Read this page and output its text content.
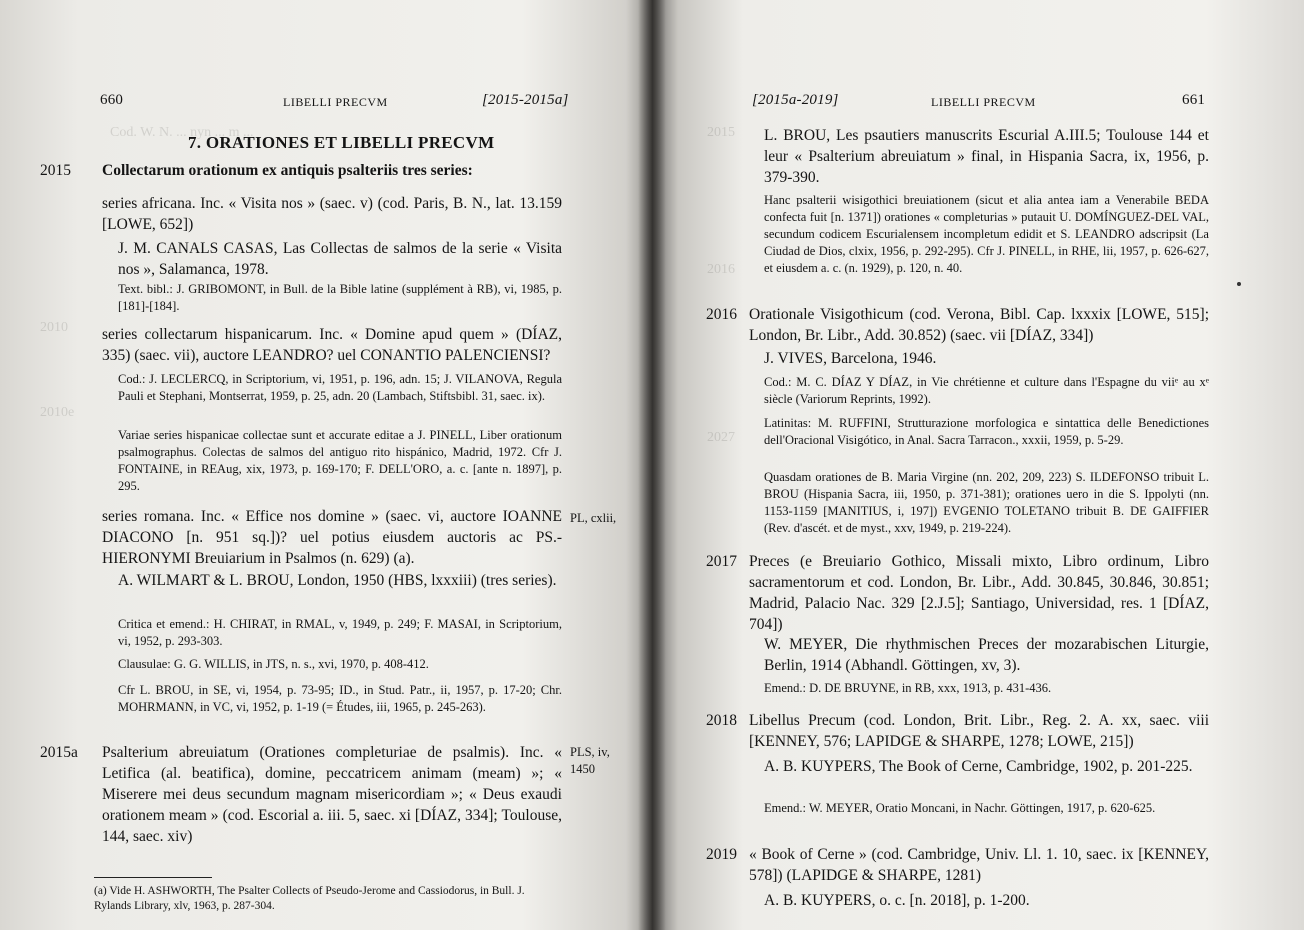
Cod. W. N. ... nyn ... m ...
2010
2010e
660	LIBELLI PRECVM	[2015-2015a]
7. ORATIONES ET LIBELLI PRECVM
2015 Collectarum orationum ex antiquis psalteriis tres series:
series africana. Inc. « Visita nos » (saec. v) (cod. Paris, B. N., lat. 13.159 [LOWE, 652])
J. M. CANALS CASAS, Las Collectas de salmos de la serie « Visita nos », Salamanca, 1978.
Text. bibl.: J. GRIBOMONT, in Bull. de la Bible latine (supplément à RB), vi, 1985, p. [181]-[184].
series collectarum hispanicarum. Inc. « Domine apud quem » (DÍAZ, 335) (saec. vii), auctore LEANDRO? uel CONANTIO PALENCIENSI?
Cod.: J. LECLERCQ, in Scriptorium, vi, 1951, p. 196, adn. 15; J. VILANOVA, Regula Pauli et Stephani, Montserrat, 1959, p. 25, adn. 20 (Lambach, Stiftsbibl. 31, saec. ix).
Variae series hispanicae collectae sunt et accurate editae a J. PINELL, Liber orationum psalmographus. Colectas de salmos del antiguo rito hispánico, Madrid, 1972. Cfr J. FONTAINE, in REAug, xix, 1973, p. 169-170; F. DELL'ORO, a. c. [ante n. 1897], p. 295.
series romana. Inc. « Effice nos domine » (saec. vi, auctore IOANNE DIACONO [n. 951 sq.])? uel potius eiusdem auctoris ac PS.-HIERONYMI Breuiarium in Psalmos (n. 629) (a).
PL, cxlii,
A. WILMART & L. BROU, London, 1950 (HBS, lxxxiii) (tres series).
Critica et emend.: H. CHIRAT, in RMAL, v, 1949, p. 249; F. MASAI, in Scriptorium, vi, 1952, p. 293-303.
Clausulae: G. G. WILLIS, in JTS, n. s., xvi, 1970, p. 408-412.
Cfr L. BROU, in SE, vi, 1954, p. 73-95; ID., in Stud. Patr., ii, 1957, p. 17-20; Chr. MOHRMANN, in VC, vi, 1952, p. 1-19 (= Études, iii, 1965, p. 245-263).
2015a Psalterium abreuiatum (Orationes completuriae de psalmis). Inc. « Letifica (al. beatifica), domine, peccatricem animam (meam) »; « Miserere mei deus secundum magnam misericordiam »; « Deus exaudi orationem meam » (cod. Escorial a. iii. 5, saec. xi [DÍAZ, 334]; Toulouse, 144, saec. xiv)
PLS, iv, 1450
(a) Vide H. ASHWORTH, The Psalter Collects of Pseudo-Jerome and Cassiodorus, in Bull. J. Rylands Library, xlv, 1963, p. 287-304.
2015
2016
2027
[2015a-2019]	LIBELLI PRECVM	661
L. BROU, Les psautiers manuscrits Escurial A.III.5; Toulouse 144 et leur « Psalterium abreuiatum » final, in Hispania Sacra, ix, 1956, p. 379-390.
Hanc psalterii wisigothici breuiationem (sicut et alia antea iam a Venerabile BEDA confecta fuit [n. 1371]) orationes « completurias » putauit U. DOMÍNGUEZ-DEL VAL, secundum codicem Escurialensem incompletum edidit et S. LEANDRO adscripsit (La Ciudad de Dios, clxix, 1956, p. 292-295). Cfr J. PINELL, in RHE, lii, 1957, p. 626-627, et eiusdem a. c. (n. 1929), p. 120, n. 40.
2016 Orationale Visigothicum (cod. Verona, Bibl. Cap. lxxxix [LOWE, 515]; London, Br. Libr., Add. 30.852) (saec. vii [DÍAZ, 334])
J. VIVES, Barcelona, 1946.
Cod.: M. C. DÍAZ Y DÍAZ, in Vie chrétienne et culture dans l'Espagne du viiᵉ au xᵉ siècle (Variorum Reprints, 1992).
Latinitas: M. RUFFINI, Strutturazione morfologica e sintattica delle Benedictiones dell'Oracional Visigótico, in Anal. Sacra Tarracon., xxxii, 1959, p. 5-29.
Quasdam orationes de B. Maria Virgine (nn. 202, 209, 223) S. ILDEFONSO tribuit L. BROU (Hispania Sacra, iii, 1950, p. 371-381); orationes uero in die S. Ippolyti (nn. 1153-1159 [MANITIUS, i, 197]) EVGENIO TOLETANO tribuit B. DE GAIFFIER (Rev. d'ascét. et de myst., xxv, 1949, p. 219-224).
2017 Preces (e Breuiario Gothico, Missali mixto, Libro ordinum, Libro sacramentorum et cod. London, Br. Libr., Add. 30.845, 30.846, 30.851; Madrid, Palacio Nac. 329 [2.J.5]; Santiago, Universidad, res. 1 [DÍAZ, 704])
W. MEYER, Die rhythmischen Preces der mozarabischen Liturgie, Berlin, 1914 (Abhandl. Göttingen, xv, 3).
Emend.: D. DE BRUYNE, in RB, xxx, 1913, p. 431-436.
2018 Libellus Precum (cod. London, Brit. Libr., Reg. 2. A. xx, saec. viii [KENNEY, 576; LAPIDGE & SHARPE, 1278; LOWE, 215])
A. B. KUYPERS, The Book of Cerne, Cambridge, 1902, p. 201-225.
Emend.: W. MEYER, Oratio Moncani, in Nachr. Göttingen, 1917, p. 620-625.
2019 « Book of Cerne » (cod. Cambridge, Univ. Ll. 1. 10, saec. ix [KENNEY, 578]) (LAPIDGE & SHARPE, 1281)
A. B. KUYPERS, o. c. [n. 2018], p. 1-200.
